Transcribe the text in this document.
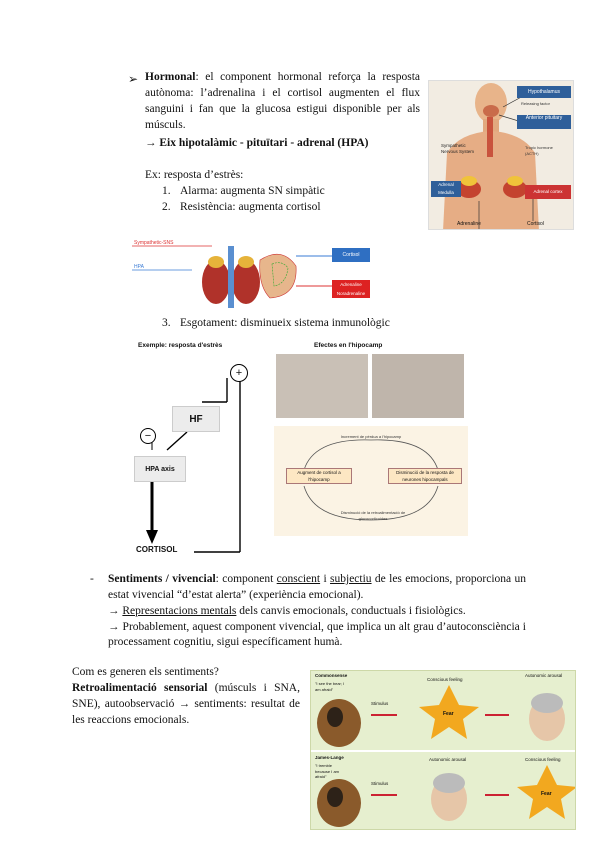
➢ Hormonal: el component hormonal reforça la resposta autònoma: l’adrenalina i el cortisol augmenten el flux sanguini i fan que la glucosa estigui disponible per als músculs.
→ Eix hipotalàmic - pituïtari - adrenal (HPA)
Ex: resposta d’estrès:
1. Alarma: augmenta SN simpàtic
2. Resistència: augmenta cortisol
Hypothalamus
Releasing factor
Anterior pituitary
Tropic hormone (ACTH)
Sympathetic Nervous System
Adrenal Medulla	Adrenal cortex
Adrenaline	Cortisol
Sympathetic-SNS
HPA
Cortisol
Adrenaline Noradrenaline
3. Esgotament: disminueix sistema inmunològic
Exemple: resposta d'estrès
+
−
HF
HPA axis
CORTISOL
Efectes en l'hipocamp
Increment de pèrdua a l'hipocamp
Augment de cortisol a l'hipocamp
Disminució de la resposta de neurones hipocampals
Disminució de la retroalimentació de glucocorticoides
- Sentiments / vivencial: component conscient i subjectiu de les emocions, proporciona un estat vivencial “d’estat alerta” (experiència emocional).
→ Representacions mentals dels canvis emocionals, conductuals i fisiològics.
→ Probablement, aquest component vivencial, que implica un alt grau d’autoconsciència i processament cognitiu, sigui específicament humà.
Com es generen els sentiments?
Retroalimentació sensorial (músculs i SNA, SNE), autoobservació → sentiments: resultat de les reaccions emocionals.
Commonsense
"I see the bear; I am afraid"
Stimulus
Conscious feeling
Fear
Autonomic arousal
James-Lange
"I tremble because I am afraid"
Stimulus
Autonomic arousal	Conscious feeling
Fear
